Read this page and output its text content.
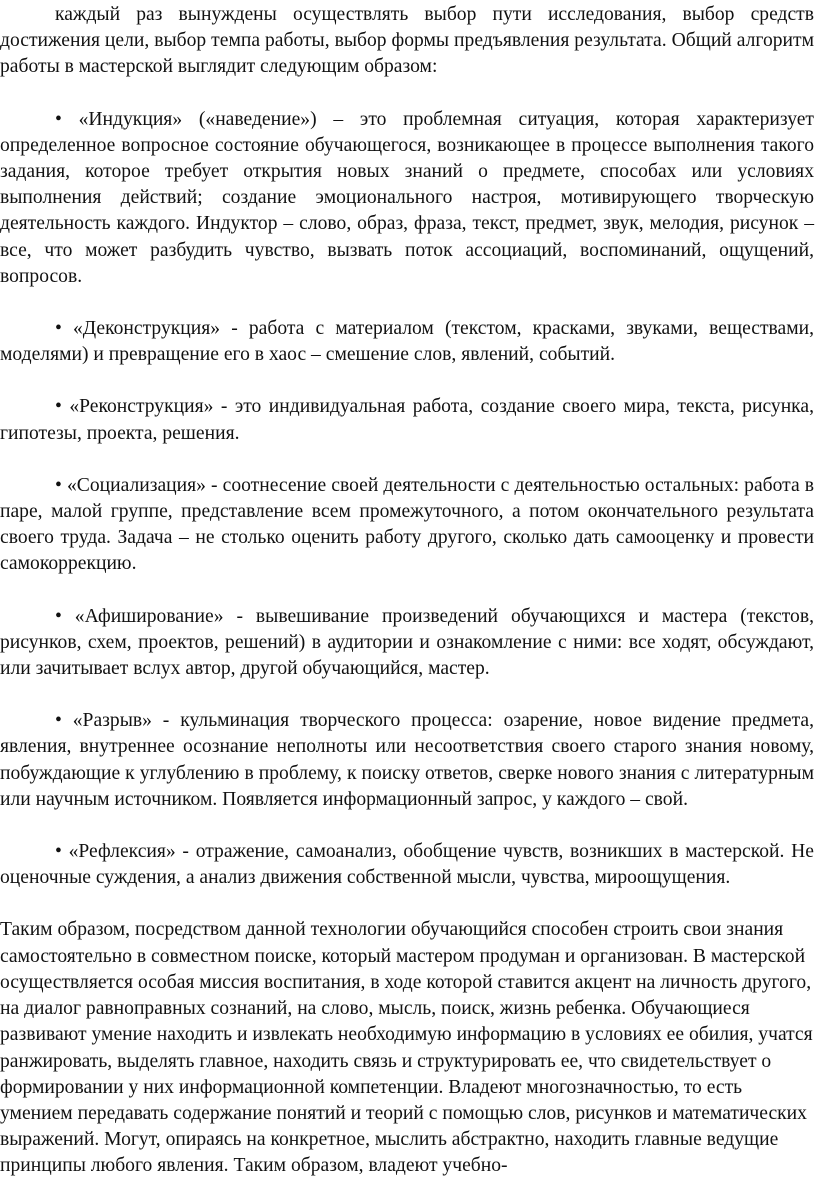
каждый раз вынуждены осуществлять выбор пути исследования, выбор средств достижения цели, выбор темпа работы, выбор формы предъявления результата. Общий алгоритм работы в мастерской выглядит следующим образом:

• «Индукция» («наведение») – это проблемная ситуация, которая характеризует определенное вопросное состояние обучающегося, возникающее в процессе выполнения такого задания, которое требует открытия новых знаний о предмете, способах или условиях выполнения действий; создание эмоционального настроя, мотивирующего творческую деятельность каждого. Индуктор – слово, образ, фраза, текст, предмет, звук, мелодия, рисунок – все, что может разбудить чувство, вызвать поток ассоциаций, воспоминаний, ощущений, вопросов.

• «Деконструкция» - работа с материалом (текстом, красками, звуками, веществами, моделями) и превращение его в хаос – смешение слов, явлений, событий.

• «Реконструкция» - это индивидуальная работа, создание своего мира, текста, рисунка, гипотезы, проекта, решения.

• «Социализация» - соотнесение своей деятельности с деятельностью остальных: работа в паре, малой группе, представление всем промежуточного, а потом окончательного результата своего труда. Задача – не столько оценить работу другого, сколько дать самооценку и провести самокоррекцию.

• «Афиширование» - вывешивание произведений обучающихся и мастера (текстов, рисунков, схем, проектов, решений) в аудитории и ознакомление с ними: все ходят, обсуждают, или зачитывает вслух автор, другой обучающийся, мастер.

• «Разрыв» - кульминация творческого процесса: озарение, новое видение предмета, явления, внутреннее осознание неполноты или несоответствия своего старого знания новому, побуждающие к углублению в проблему, к поиску ответов, сверке нового знания с литературным или научным источником. Появляется информационный запрос, у каждого – свой.

• «Рефлексия» - отражение, самоанализ, обобщение чувств, возникших в мастерской. Не оценочные суждения, а анализ движения собственной мысли, чувства, мироощущения.

Таким образом, посредством данной технологии обучающийся способен строить свои знания самостоятельно в совместном поиске, который мастером продуман и организован. В мастерской осуществляется особая миссия воспитания, в ходе которой ставится акцент на личность другого, на диалог равноправных сознаний, на слово, мысль, поиск, жизнь ребенка. Обучающиеся развивают умение находить и извлекать необходимую информацию в условиях ее обилия, учатся ранжировать, выделять главное, находить связь и структурировать ее, что свидетельствует о формировании у них информационной компетенции. Владеют многозначностью, то есть умением передавать содержание понятий и теорий с помощью слов, рисунков и математических выражений. Могут, опираясь на конкретное, мыслить абстрактно, находить главные ведущие принципы любого явления. Таким образом, владеют учебно-
